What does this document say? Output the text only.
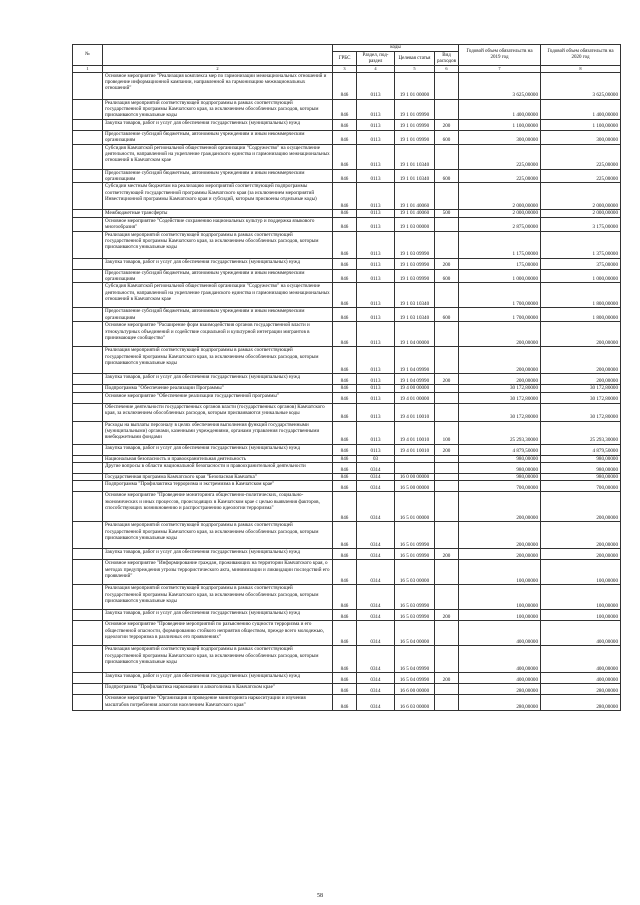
№	Наименование	коды				Годовой объем обязательств на 2019 год	Годовой объем обязательств на 2020 год
		ГРБС	Раздел, под-раздел	Целевая статья	Вид расходов		
1	2	3	4	5	6	7	8
	Основное мероприятие "Реализация комплекса мер по гармонизации межнациональных отношений и проведение информационной кампании, направленной на гармонизацию межнациональных отношений"	846	0113	19 1 01 00000		3 625,00000	3 625,00000
	Реализация мероприятий соответствующей подпрограммы в рамках соответствующей государственной программы Камчатского края, за исключением обособленных расходов, которым присваиваются уникальные коды	846	0113	19 1 01 09990		1 400,00000	1 400,00000
	Закупка товаров, работ и услуг для обеспечения государственных (муниципальных) нужд	846	0113	19 1 01 09990	200	1 100,00000	1 100,00000
	Предоставление субсидий бюджетным, автономным учреждениям и иным некоммерческим организациям	846	0113	19 1 01 09990	600	300,00000	300,00000
	Субсидия Камчатской региональной общественной организации "Содружество" на осуществление деятельности, направленной на укрепление гражданского единства и гармонизацию межнациональных отношений в Камчатском крае	846	0113	19 1 01 10340		225,00000	225,00000
	Предоставление субсидий бюджетным, автономным учреждениям и иным некоммерческим организациям	846	0113	19 1 01 10340	600	225,00000	225,00000
	Субсидии местным бюджетам на реализацию мероприятий соответствующей подпрограммы соответствующей государственной программы Камчатского края (за исключением мероприятий Инвестиционной программы Камчатского края и субсидий, которым присвоены отдельные коды)	846	0113	19 1 01 40060		2 000,00000	2 000,00000
	Межбюджетные трансферты	846	0113	19 1 01 40060	500	2 000,00000	2 000,00000
	Основное мероприятие "Содействие сохранению национальных культур и поддержка языкового многообразия"	846	0113	19 1 03 00000		2 875,00000	3 175,00000
	Реализация мероприятий соответствующей подпрограммы в рамках соответствующей государственной программы Камчатского края, за исключением обособленных расходов, которым присваиваются уникальные коды	846	0113	19 1 03 09990		1 175,00000	1 375,00000
	Закупка товаров, работ и услуг для обеспечения государственных (муниципальных) нужд	846	0113	19 1 03 09990	200	175,00000	375,00000
	Предоставление субсидий бюджетным, автономным учреждениям и иным некоммерческим организациям	846	0113	19 1 03 09990	600	1 000,00000	1 000,00000
	Субсидия Камчатской региональной общественной организации "Содружество" на осуществление деятельности, направленной на укрепление гражданского единства и гармонизацию межнациональных отношений в Камчатском крае	846	0113	19 1 03 10340		1 700,00000	1 800,00000
	Предоставление субсидий бюджетным, автономным учреждениям и иным некоммерческим организациям	846	0113	19 1 03 10340	600	1 700,00000	1 800,00000
	Основное мероприятие "Расширение форм взаимодействия органов государственной власти и этнокультурных объединений и содействие социальной и культурной интеграции мигрантов в принимающее сообщество"	846	0113	19 1 04 00000		200,00000	200,00000
	Реализация мероприятий соответствующей подпрограммы в рамках соответствующей государственной программы Камчатского края, за исключением обособленных расходов, которым присваиваются уникальные коды	846	0113	19 1 04 09990		200,00000	200,00000
	Закупка товаров, работ и услуг для обеспечения государственных (муниципальных) нужд	846	0113	19 1 04 09990	200	200,00000	200,00000
	Подпрограмма "Обеспечение реализации Программы"	846	0113	19 4 00 00000		30 172,80000	30 172,80000
	Основное мероприятие "Обеспечение реализации государственной программы"	846	0113	19 4 01 00000		30 172,80000	30 172,80000
	Обеспечение деятельности государственных органов власти (государственных органов) Камчатского края, за исключением обособленных расходов, которым присваиваются уникальные коды	846	0113	19 4 01 10010		30 172,80000	30 172,80000
	Расходы на выплаты персоналу в целях обеспечения выполнения функций государственными (муниципальными) органами, казенными учреждениями, органами управления государственными внебюджетными фондами	846	0113	19 4 01 10010	100	25 293,30000	25 293,30000
	Закупка товаров, работ и услуг для обеспечения государственных (муниципальных) нужд	846	0113	19 4 01 10010	200	4 879,50000	4 879,50000
	Национальная безопасность и правоохранительная деятельность	846	03			980,00000	980,00000
	Другие вопросы в области национальной безопасности и правоохранительной деятельности	846	0314			980,00000	980,00000
	Государственная программа Камчатского края "Безопасная Камчатка"	846	0314	16 0 00 00000		980,00000	980,00000
	Подпрограмма "Профилактика терроризма и экстремизма в Камчатском крае"	846	0314	16 5 00 00000		700,00000	700,00000
	Основное мероприятие "Проведение мониторинга общественно-политических, социально-экономических и иных процессов, происходящих в Камчатском крае с целью выявления факторов, способствующих возникновению и распространению идеологии терроризма"	846	0314	16 5 01 00000		200,00000	200,00000
	Реализация мероприятий соответствующей подпрограммы в рамках соответствующей государственной программы Камчатского края, за исключением обособленных расходов, которым присваиваются уникальные коды	846	0314	16 5 01 09990		200,00000	200,00000
	Закупка товаров, работ и услуг для обеспечения государственных (муниципальных) нужд	846	0314	16 5 01 09990	200	200,00000	200,00000
	Основное мероприятие "Информирование граждан, проживающих на территории Камчатского края, о методах предупреждения угрозы террористического акта, минимизации и ликвидации последствий его проявлений"	846	0314	16 5 03 00000		100,00000	100,00000
	Реализация мероприятий соответствующей подпрограммы в рамках соответствующей государственной программы Камчатского края, за исключением обособленных расходов, которым присваиваются уникальные коды	846	0314	16 5 03 09990		100,00000	100,00000
	Закупка товаров, работ и услуг для обеспечения государственных (муниципальных) нужд	846	0314	16 5 03 09990	200	100,00000	100,00000
	Основное мероприятие "Проведение мероприятий по разъяснению сущности терроризма и его общественной опасности, формированию стойкого неприятия обществом, прежде всего молодежью, идеологии терроризма в различных его проявлениях"	846	0314	16 5 04 00000		400,00000	400,00000
	Реализация мероприятий соответствующей подпрограммы в рамках соответствующей государственной программы Камчатского края, за исключением обособленных расходов, которым присваиваются уникальные коды	846	0314	16 5 04 09990		400,00000	400,00000
	Закупка товаров, работ и услуг для обеспечения государственных (муниципальных) нужд	846	0314	16 5 04 09990	200	400,00000	400,00000
	Подпрограмма "Профилактика наркомании и алкоголизма в Камчатском крае"	846	0314	16 6 00 00000		280,00000	280,00000
	Основное мероприятие "Организация и проведение мониторинга наркоситуации и изучения масштабов потребления алкоголя населением Камчатского края"	846	0314	16 6 03 00000		280,00000	280,00000
58
